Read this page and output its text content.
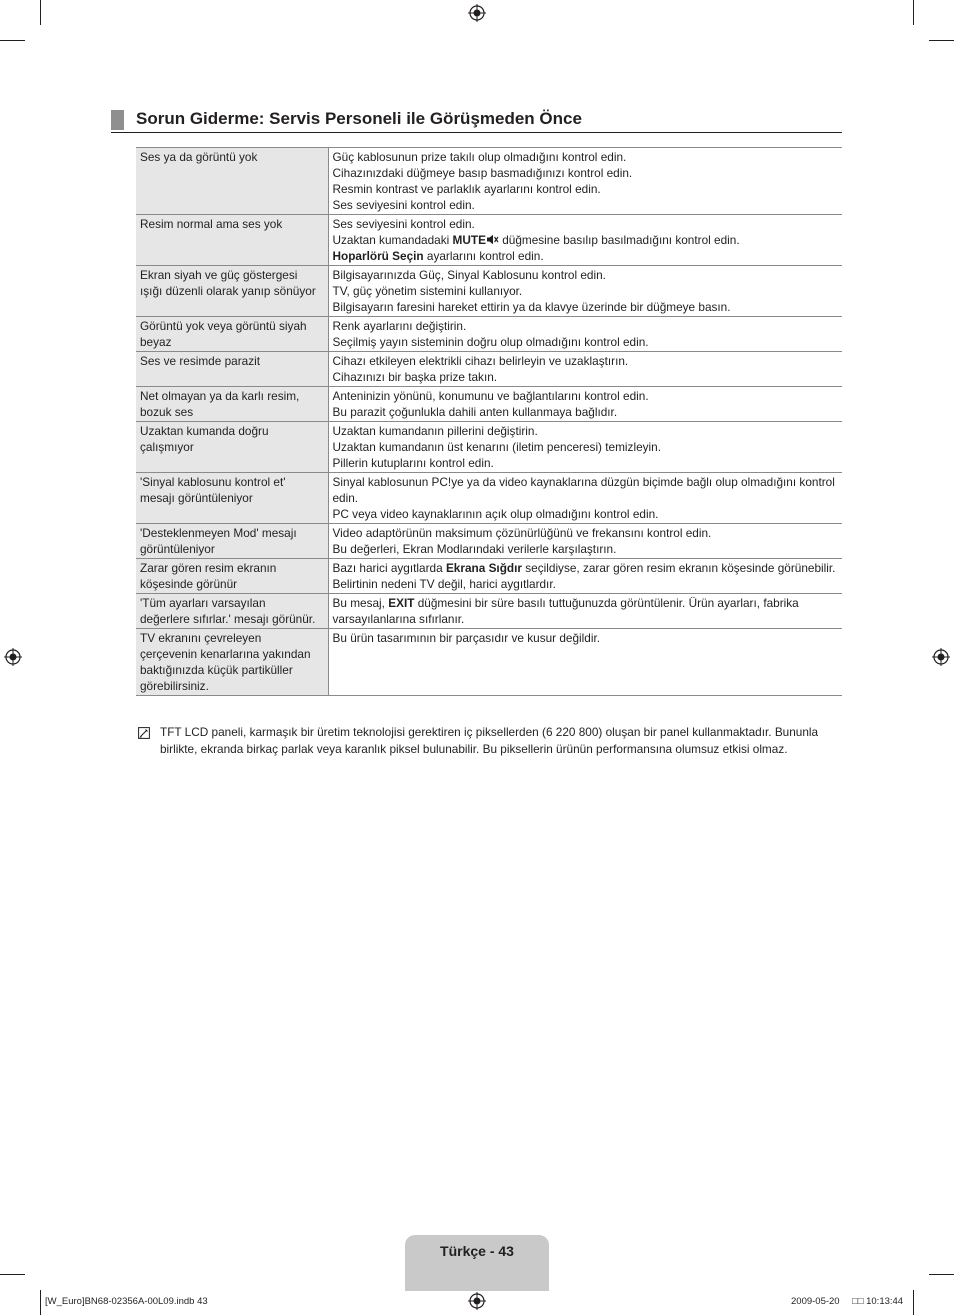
Sorun Giderme: Servis Personeli ile Görüşmeden Önce
Ses ya da görüntü yok	Güç kablosunun prize takılı olup olmadığını kontrol edin.
Cihazınızdaki düğmeye basıp basmadığınızı kontrol edin.
Resmin kontrast ve parlaklık ayarlarını kontrol edin.
Ses seviyesini kontrol edin.

Resim normal ama ses yok	Ses seviyesini kontrol edin.
Uzaktan kumandadaki MUTE
düğmesine basılıp basılmadığını kontrol edin.
Hoparlörü Seçin ayarlarını kontrol edin.

Ekran siyah ve güç göstergesi
ışığı düzenli olarak yanıp sönüyor	Bilgisayarınızda Güç, Sinyal Kablosunu kontrol edin.
TV, güç yönetim sistemini kullanıyor.
Bilgisayarın faresini hareket ettirin ya da klavye üzerinde bir düğmeye basın.

Görüntü yok veya görüntü siyah
beyaz	Renk ayarlarını değiştirin.
Seçilmiş yayın sisteminin doğru olup olmadığını kontrol edin.

Ses ve resimde parazit	Cihazı etkileyen elektrikli cihazı belirleyin ve uzaklaştırın.
Cihazınızı bir başka prize takın.

Net olmayan ya da karlı resim,
bozuk ses	Anteninizin yönünü, konumunu ve bağlantılarını kontrol edin.
Bu parazit çoğunlukla dahili anten kullanmaya bağlıdır.

Uzaktan kumanda doğru
çalışmıyor	Uzaktan kumandanın pillerini değiştirin.
Uzaktan kumandanın üst kenarını (iletim penceresi) temizleyin.
Pillerin kutuplarını kontrol edin.

'Sinyal kablosunu kontrol et'
mesajı görüntüleniyor	Sinyal kablosunun PC!ye ya da video kaynaklarına düzgün biçimde bağlı olup olmadığını kontrol edin.
PC veya video kaynaklarının açık olup olmadığını kontrol edin.

'Desteklenmeyen Mod' mesajı
görüntüleniyor	Video adaptörünün maksimum çözünürlüğünü ve frekansını kontrol edin.
Bu değerleri, Ekran Modlarındaki verilerle karşılaştırın.

Zarar gören resim ekranın
köşesinde görünür	Bazı harici aygıtlarda Ekrana Sığdır seçildiyse, zarar gören resim ekranın köşesinde görünebilir. Belirtinin nedeni TV değil, harici aygıtlardır.

'Tüm ayarları varsayılan
değerlere sıfırlar.' mesajı görünür.	Bu mesaj, EXIT düğmesini bir süre basılı tuttuğunuzda görüntülenir. Ürün ayarları, fabrika varsayılanlarına sıfırlanır.

TV ekranını çevreleyen
çerçevenin kenarlarına yakından
baktığınızda küçük partiküller
görebilirsiniz.	Bu ürün tasarımının bir parçasıdır ve kusur değildir.
TFT LCD paneli, karmaşık bir üretim teknolojisi gerektiren iç piksellerden (6 220 800) oluşan bir panel kullanmaktadır. Bununla birlikte, ekranda birkaç parlak veya karanlık piksel bulunabilir. Bu piksellerin ürünün performansına olumsuz etkisi olmaz.
Türkçe - 43
[W_Euro]BN68-02356A-00L09.indb 43	2009-05-20 □□ 10:13:44
